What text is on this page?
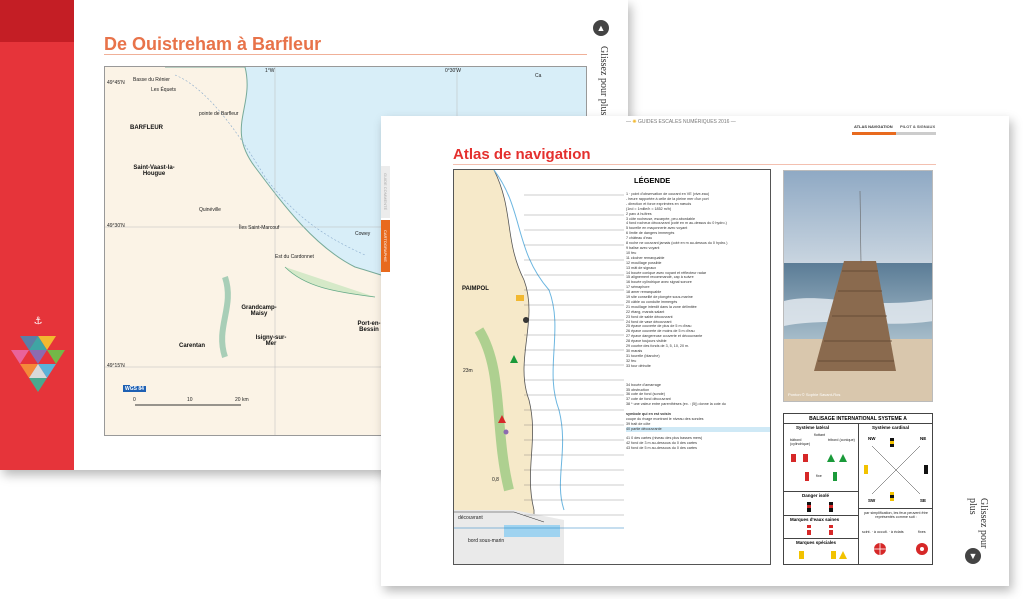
⚓
De Ouistreham à Barfleur
▲
Glissez pour plus
1°W	0°30'W
49°45'N
49°30'N
49°15'N
Basse du Rénier
Les Équets
pointe de Barfleur
BARFLEUR
Saint-Vaast-la-Hougue
Quinéville
Îles Saint-Marcouf
Est du Cardonnet
Cowey
Ca
Grandcamp-Maisy
Isigny-sur-Mer
Carentan
Port-en-Bessin
WGS 84
0	10	20 km
GUIDE COMMENTÉ
CARTOGRAPHIE
— ✺ GUIDES ESCALES NUMÉRIQUES 2016 —
ATLAS NAVIGATION PILOT & SIGNAUX
Atlas de navigation
PAIMPOL
23m
0,8
découvrant
bord sous-marin
LÉGENDE
1 · point d'observation de courant en VE (vive-eau)
- heure rapportée à celle de la pleine mer d'un port
- direction et force exprimées en nœuds
(1nd = 1mille/h = 1852 m/h)
2 parc à huîtres
3 côte rocheuse, escarpée, peu abordable
4 fond rocheux découvrant (coté en m au-dessus du 0 hydro.)
5 tourelle en maçonnerie avec voyant
6 limite de dangers immergés
7 château d'eau
8 roche ne couvrant jamais (coté en m au-dessus du 0 hydro.)
9 balise avec voyant
10 feu
11 clocher remarquable
12 mouillage possible
13 mât de signaux
14 bouée conique avec voyant et réflecteur radar
15 alignement recommandé, cap à suivre
16 bouée cylindrique avec signal sonore
17 sémaphore
18 amer remarquable
19 site conseillé de plongée sous-marine
20 câble ou conduite immergés
21 mouillage interdit dans la zone délimitée
22 étang, marais salant
23 fond de sable découvrant
24 fond de vase découvrant
25 épave couverte de plus de 5 m d'eau
26 épave couverte de moins de 5 m d'eau
27 épave dangereuse couverte et découvrante
28 épave toujours visible
29 courbe des fonds de 3, 5, 10, 20 m.
30 marais
31 tourelle (blanche)
32 feu
33 tour détruite
34 bouée d'amarrage
35 obstruction
36 cote de fond (sonde)
37 cote de fond découvrant
38 * une valeur entre parenthèses (ex. : (5)) donne la cote du
symbole qui en est voisin
coupe du rivage montrant le niveau des sondes
39 trait de côte
40 partie découvrante
41 0 des cartes (niveau des plus basses mers)
42 fond de 3 m au-dessous du 0 des cartes
43 fond de 5 m au-dessous du 0 des cartes
Ponton © Sophie Savant-Ros
BALISAGE INTERNATIONAL SYSTEME A
Système latéral	Système cardinal
flottant
bâbord (cylindrique)
tribord (conique)
fixe
NW	NE
SW	SE
Danger isolé
Marques d'eaux saines
Marques spéciales
par simplification, les feux peuvent être représentés comme suit :
scint. · à occult. · à éclats	fixes	Glissez pour plus
▼
